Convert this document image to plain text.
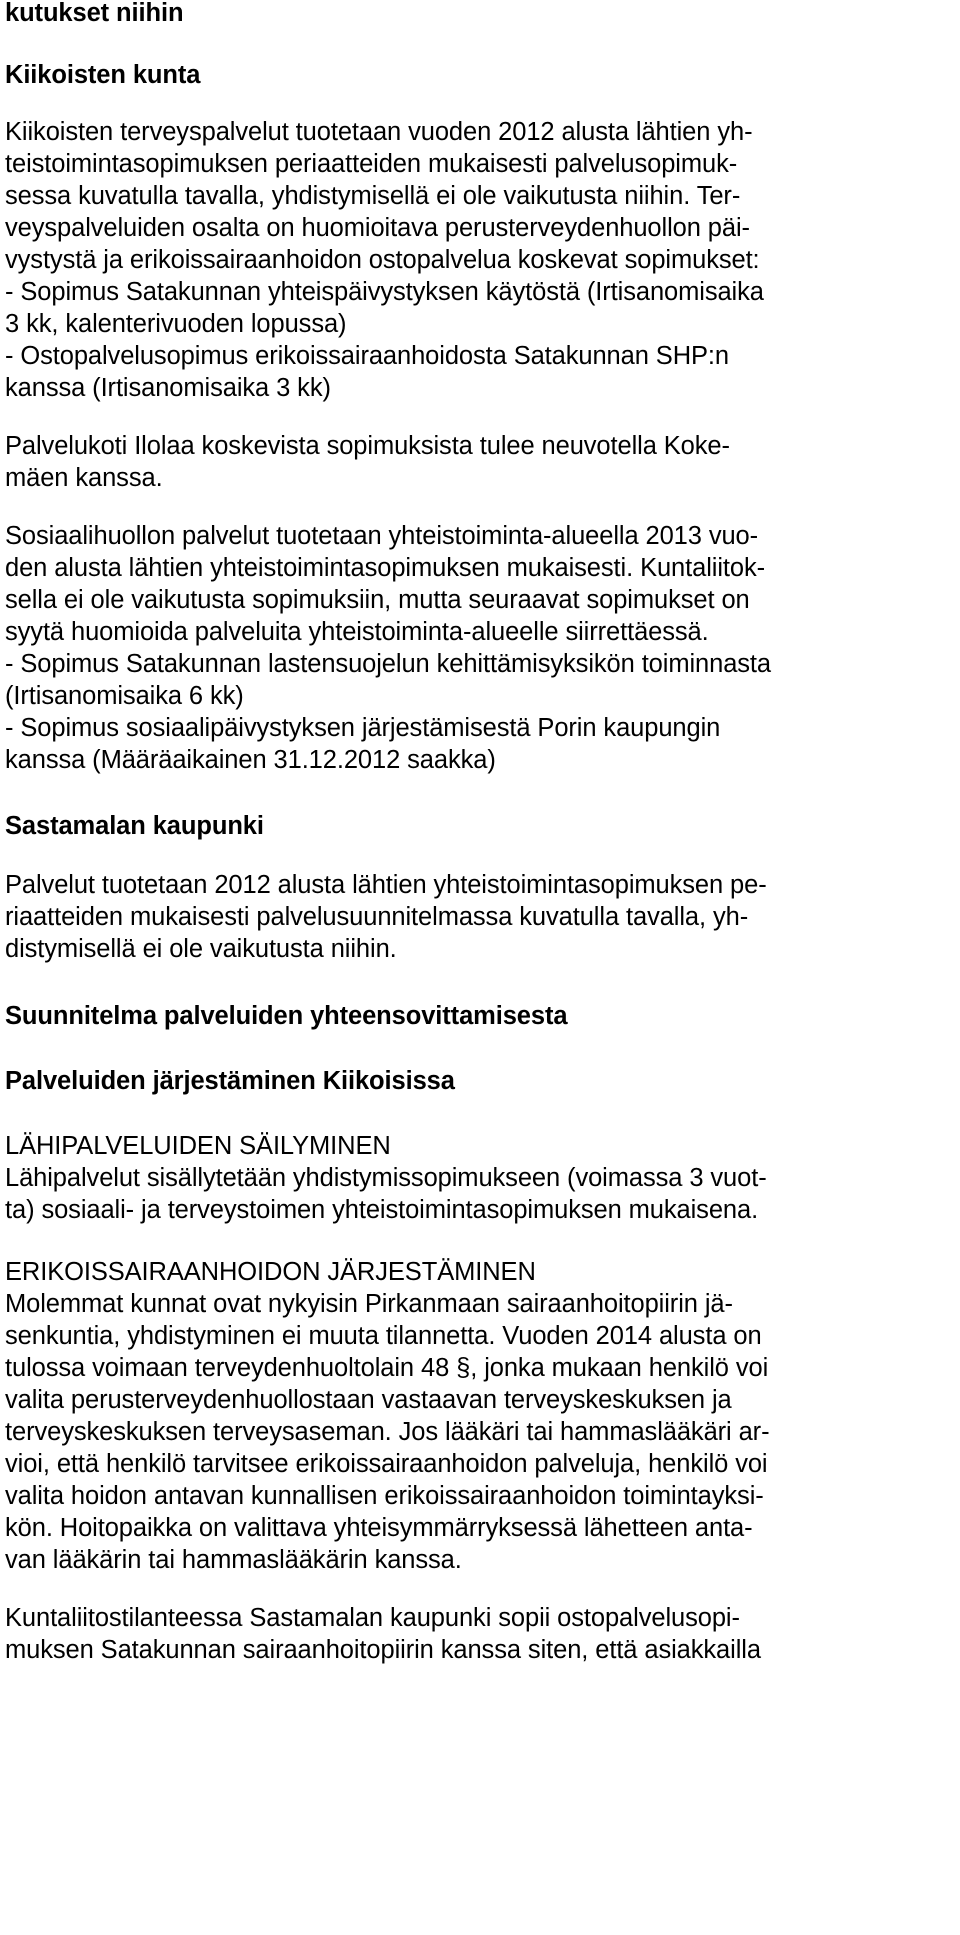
kutukset niihin
Kiikoisten kunta
Kiikoisten terveyspalvelut tuotetaan vuoden 2012 alusta lähtien yh-
teistoimintasopimuksen periaatteiden mukaisesti palvelusopimuk-
sessa kuvatulla tavalla, yhdistymisellä ei ole vaikutusta niihin. Ter-
veyspalveluiden osalta on huomioitava perusterveydenhuollon päi-
vystystä ja erikoissairaanhoidon ostopalvelua koskevat sopimukset:
- Sopimus Satakunnan yhteispäivystyksen käytöstä (Irtisanomisaika
3 kk, kalenterivuoden lopussa)
- Ostopalvelusopimus erikoissairaanhoidosta Satakunnan SHP:n
kanssa (Irtisanomisaika 3 kk)
Palvelukoti Ilolaa koskevista sopimuksista tulee neuvotella Koke-
mäen kanssa.
Sosiaalihuollon palvelut tuotetaan yhteistoiminta-alueella 2013 vuo-
den alusta lähtien yhteistoimintasopimuksen mukaisesti. Kuntaliitok-
sella ei ole vaikutusta sopimuksiin, mutta seuraavat sopimukset on
syytä huomioida palveluita yhteistoiminta-alueelle siirrettäessä.
- Sopimus Satakunnan lastensuojelun kehittämisyksikön toiminnasta
(Irtisanomisaika 6 kk)
- Sopimus sosiaalipäivystyksen järjestämisestä Porin kaupungin
kanssa (Määräaikainen 31.12.2012 saakka)
Sastamalan kaupunki
Palvelut tuotetaan 2012 alusta lähtien yhteistoimintasopimuksen pe-
riaatteiden mukaisesti palvelusuunnitelmassa kuvatulla tavalla, yh-
distymisellä ei ole vaikutusta niihin.
Suunnitelma palveluiden yhteensovittamisesta
Palveluiden järjestäminen Kiikoisissa
LÄHIPALVELUIDEN SÄILYMINEN
Lähipalvelut sisällytetään yhdistymissopimukseen (voimassa 3 vuot-
ta) sosiaali- ja terveystoimen yhteistoimintasopimuksen mukaisena.
ERIKOISSAIRAANHOIDON JÄRJESTÄMINEN
Molemmat kunnat ovat nykyisin Pirkanmaan sairaanhoitopiirin jä-
senkuntia, yhdistyminen ei muuta tilannetta. Vuoden 2014 alusta on
tulossa voimaan terveydenhuoltolain 48 §, jonka mukaan henkilö voi
valita perusterveydenhuollostaan vastaavan terveyskeskuksen ja
terveyskeskuksen terveysaseman. Jos lääkäri tai hammaslääkäri ar-
vioi, että henkilö tarvitsee erikoissairaanhoidon palveluja, henkilö voi
valita hoidon antavan kunnallisen erikoissairaanhoidon toimintayksi-
kön. Hoitopaikka on valittava yhteisymmärryksessä lähetteen anta-
van lääkärin tai hammaslääkärin kanssa.
Kuntaliitostilanteessa Sastamalan kaupunki sopii ostopalvelusopi-
muksen Satakunnan sairaanhoitopiirin kanssa siten, että asiakkailla
